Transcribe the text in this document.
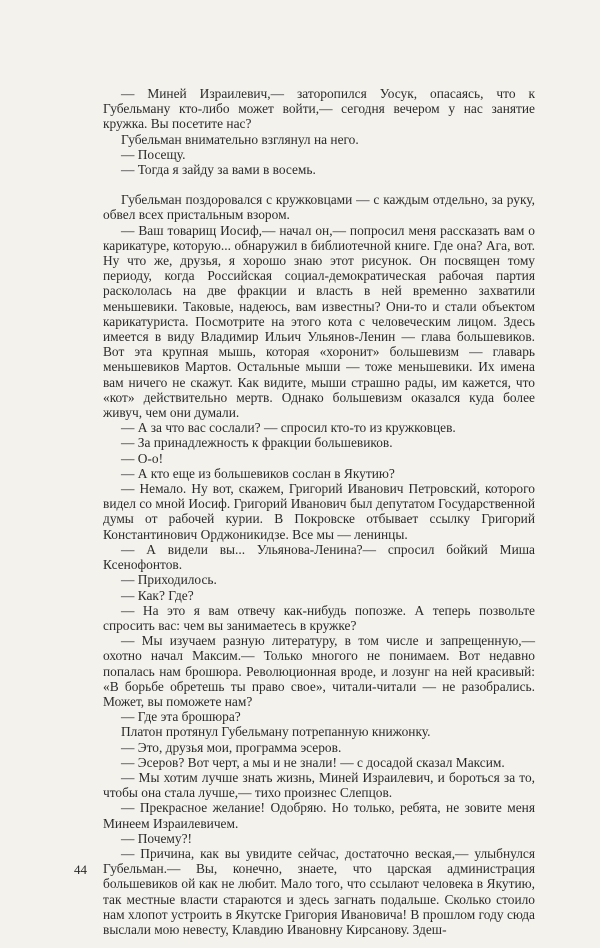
— Миней Израилевич,— заторопился Уосук, опасаясь, что к Губельману кто-либо может войти,— сегодня вечером у нас занятие кружка. Вы посетите нас?

Губельман внимательно взглянул на него.

— Посещу.

— Тогда я зайду за вами в восемь.

Губельман поздоровался с кружковцами — с каждым отдельно, за руку, обвел всех пристальным взором.

— Ваш товарищ Иосиф,— начал он,— попросил меня рассказать вам о карикатуре, которую... обнаружил в библиотечной книге. Где она? Ага, вот. Ну что же, друзья, я хорошо знаю этот рисунок. Он посвящен тому периоду, когда Российская социал-демократическая рабочая партия раскололась на две фракции и власть в ней временно захватили меньшевики. Таковые, надеюсь, вам известны? Они-то и стали объектом карикатуриста. Посмотрите на этого кота с человеческим лицом. Здесь имеется в виду Владимир Ильич Ульянов-Ленин — глава большевиков. Вот эта крупная мышь, которая «хоронит» большевизм — главарь меньшевиков Мартов. Остальные мыши — тоже меньшевики. Их имена вам ничего не скажут. Как видите, мыши страшно рады, им кажется, что «кот» действительно мертв. Однако большевизм оказался куда более живуч, чем они думали.

— А за что вас сослали? — спросил кто-то из кружковцев.

— За принадлежность к фракции большевиков.

— О-о!

— А кто еще из большевиков сослан в Якутию?

— Немало. Ну вот, скажем, Григорий Иванович Петровский, которого видел со мной Иосиф. Григорий Иванович был депутатом Государственной думы от рабочей курии. В Покровске отбывает ссылку Григорий Константинович Орджоникидзе. Все мы — ленинцы.

— А видели вы... Ульянова-Ленина?— спросил бойкий Миша Ксенофонтов.

— Приходилось.

— Как? Где?

— На это я вам отвечу как-нибудь попозже. А теперь позвольте спросить вас: чем вы занимаетесь в кружке?

— Мы изучаем разную литературу, в том числе и запрещенную,— охотно начал Максим.— Только многого не понимаем. Вот недавно попалась нам брошюра. Революционная вроде, и лозунг на ней красивый: «В борьбе обретешь ты право свое», читали-читали — не разобрались. Может, вы поможете нам?

— Где эта брошюра?

Платон протянул Губельману потрепанную книжонку.

— Это, друзья мои, программа эсеров.

— Эсеров? Вот черт, а мы и не знали! — с досадой сказал Максим.

— Мы хотим лучше знать жизнь, Миней Израилевич, и бороться за то, чтобы она стала лучше,— тихо произнес Слепцов.

— Прекрасное желание! Одобряю. Но только, ребята, не зовите меня Минеем Израилевичем.

— Почему?!

— Причина, как вы увидите сейчас, достаточно веская,— улыбнулся Губельман.— Вы, конечно, знаете, что царская администрация большевиков ой как не любит. Мало того, что ссылают человека в Якутию, так местные власти стараются и здесь загнать подальше. Сколько стоило нам хлопот устроить в Якутске Григория Ивановича! В прошлом году сюда выслали мою невесту, Клавдию Ивановну Кирсанову. Здеш-

44
